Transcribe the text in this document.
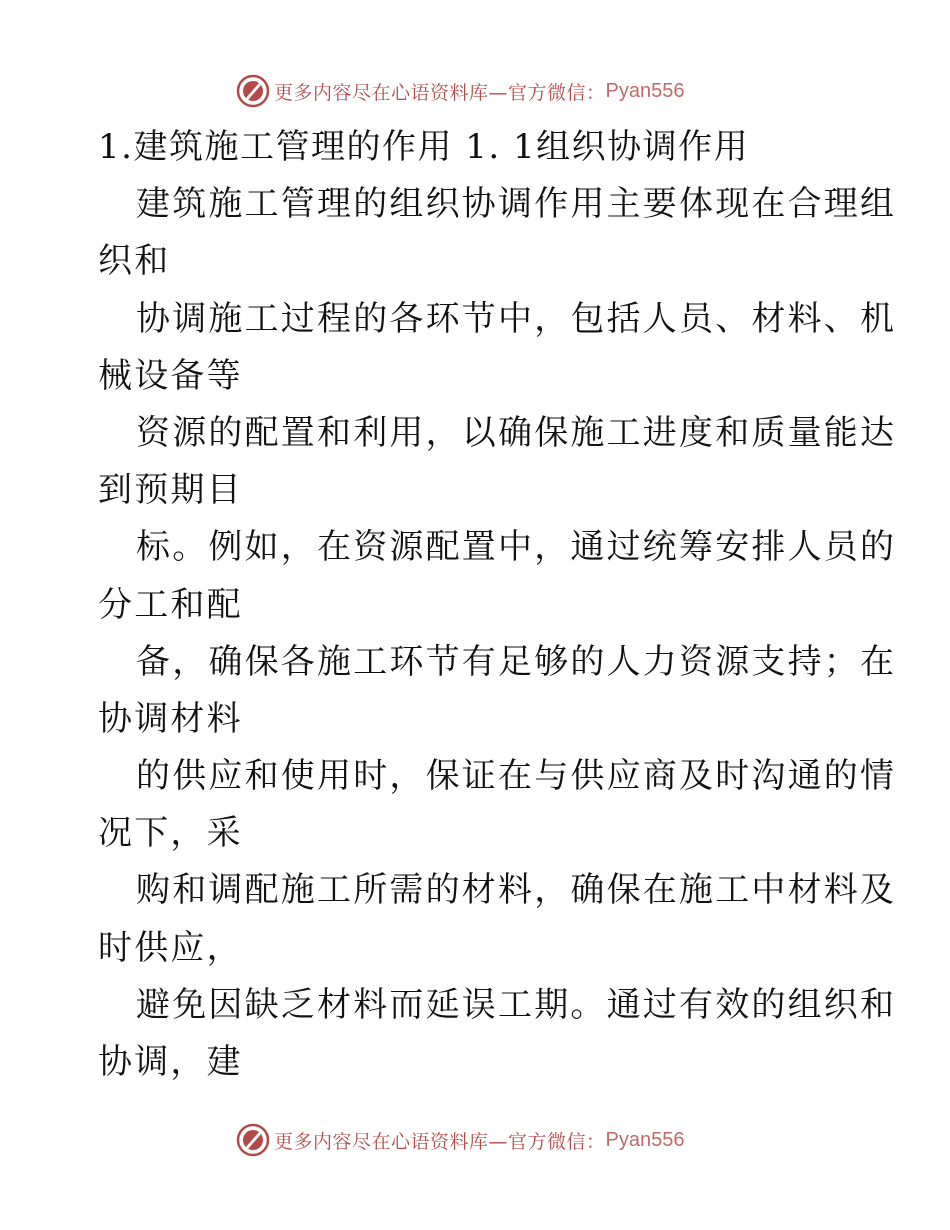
更多内容尽在心语资料库—官方微信： Pyan556
1.建筑施工管理的作用 1. 1组织协调作用
建筑施工管理的组织协调作用主要体现在合理组
织和
协调施工过程的各环节中，包括人员、材料、机
械设备等
资源的配置和利用，以确保施工进度和质量能达
到预期目
标。例如，在资源配置中，通过统筹安排人员的
分工和配
备，确保各施工环节有足够的人力资源支持；在
协调材料
的供应和使用时，保证在与供应商及时沟通的情
况下，采
购和调配施工所需的材料，确保在施工中材料及
时供应，
避免因缺乏材料而延误工期。通过有效的组织和
协调，建
更多内容尽在心语资料库—官方微信： Pyan556
